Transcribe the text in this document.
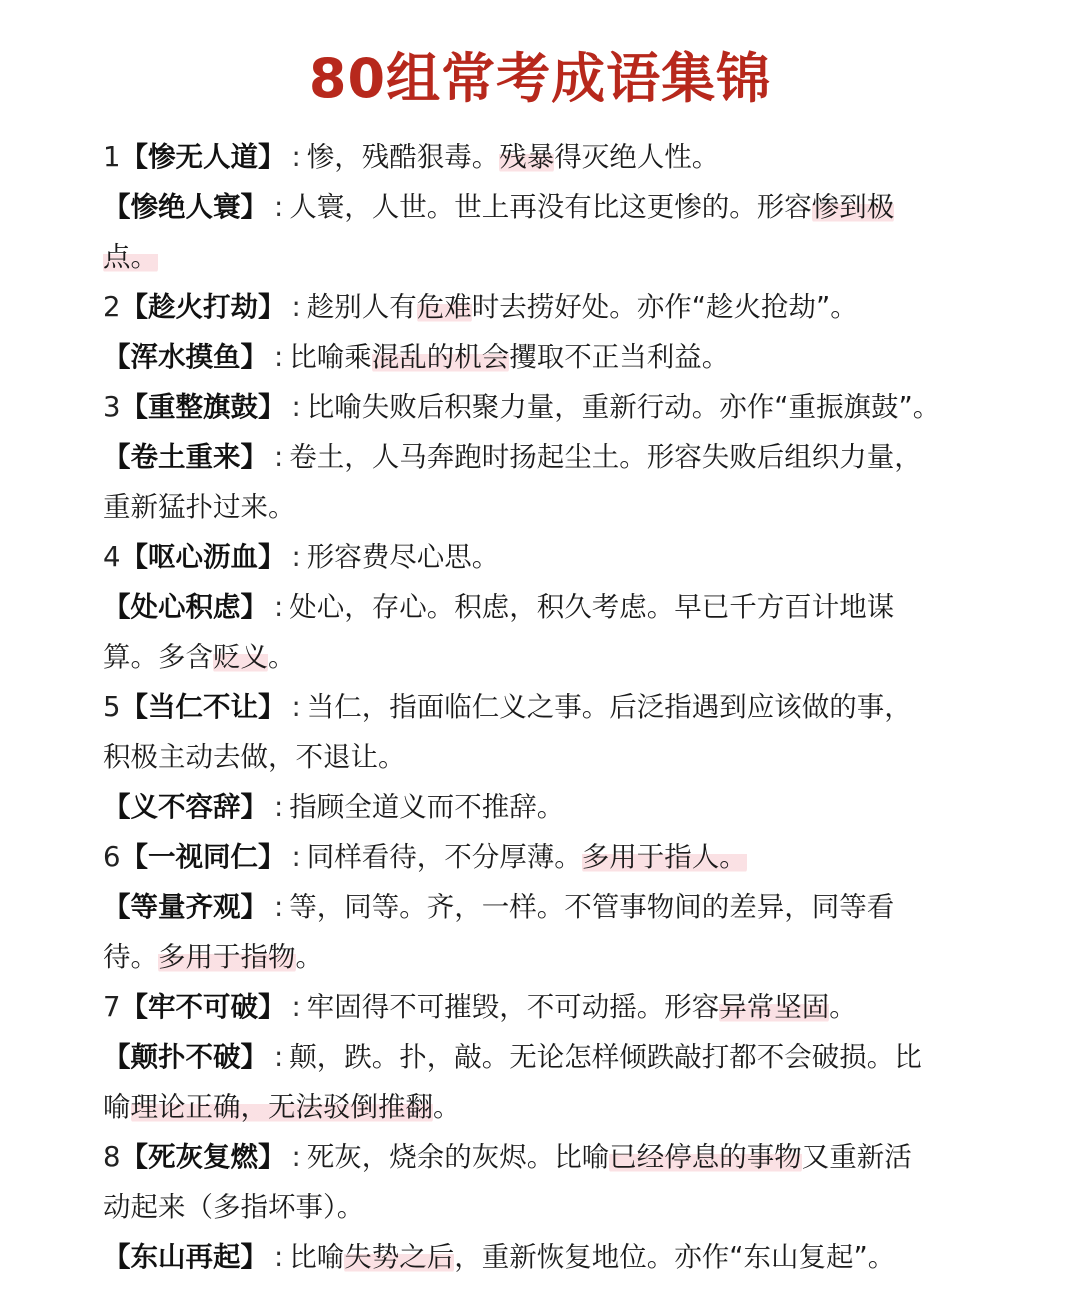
80组常考成语集锦
1【惨无人道】 : 惨，残酷狠毒。残暴得灭绝人性。
【惨绝人寰】 : 人寰，人世。世上再没有比这更惨的。形容惨到极
点。
2【趁火打劫】 : 趁别人有危难时去捞好处。亦作“趁火抢劫”。
【浑水摸鱼】 : 比喻乘混乱的机会攫取不正当利益。
3【重整旗鼓】 : 比喻失败后积聚力量，重新行动。亦作“重振旗鼓”。
【卷土重来】 : 卷土，人马奔跑时扬起尘土。形容失败后组织力量，
重新猛扑过来。
4【呕心沥血】 : 形容费尽心思。
【处心积虑】 : 处心，存心。积虑，积久考虑。早已千方百计地谋
算。多含贬义。
5【当仁不让】 : 当仁，指面临仁义之事。后泛指遇到应该做的事，
积极主动去做，不退让。
【义不容辞】 : 指顾全道义而不推辞。
6【一视同仁】 : 同样看待，不分厚薄。多用于指人。
【等量齐观】 : 等，同等。齐，一样。不管事物间的差异，同等看
待。多用于指物。
7【牢不可破】 : 牢固得不可摧毁，不可动摇。形容异常坚固。
【颠扑不破】 : 颠，跌。扑，敲。无论怎样倾跌敲打都不会破损。比
喻理论正确，无法驳倒推翻。
8【死灰复燃】 : 死灰，烧余的灰烬。比喻已经停息的事物又重新活
动起来（多指坏事）。
【东山再起】 : 比喻失势之后，重新恢复地位。亦作“东山复起”。
